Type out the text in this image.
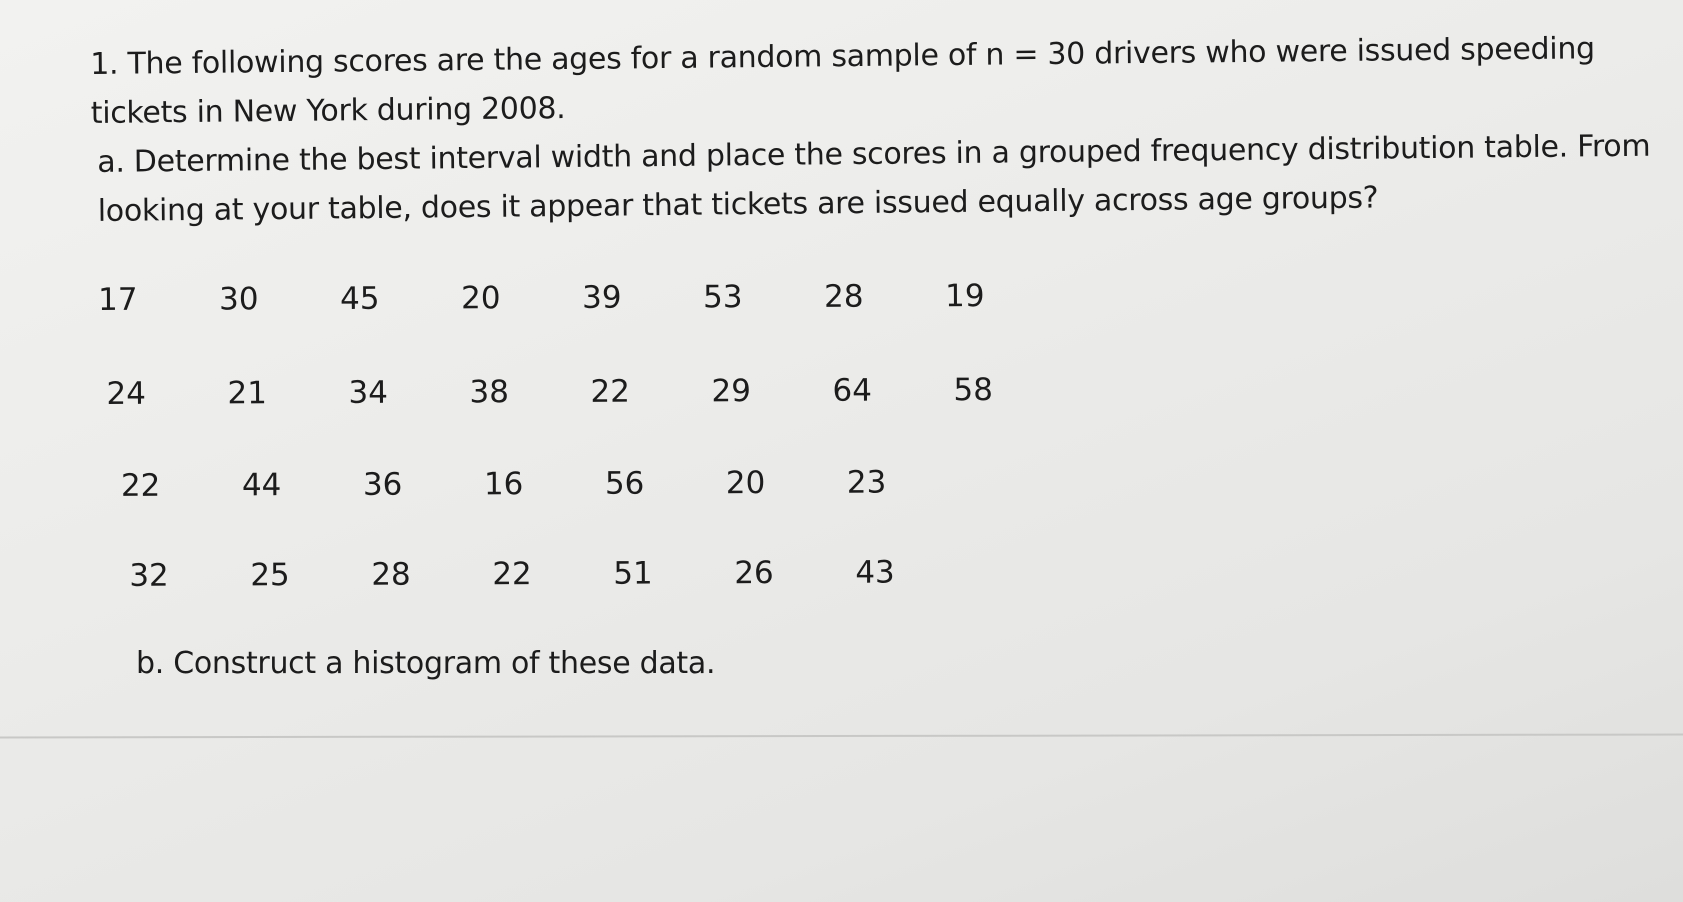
1. The following scores are the ages for a random sample of n = 30 drivers who were issued speeding tickets in New York during 2008.

a. Determine the best interval width and place the scores in a grouped frequency distribution table. From looking at your table, does it appear that tickets are issued equally across age groups?

17	30	45	20	39	53	28	19
24	21	34	38	22	29	64	58
22	44	36	16	56	20	23
32	25	28	22	51	26	43

b. Construct a histogram of these data.
